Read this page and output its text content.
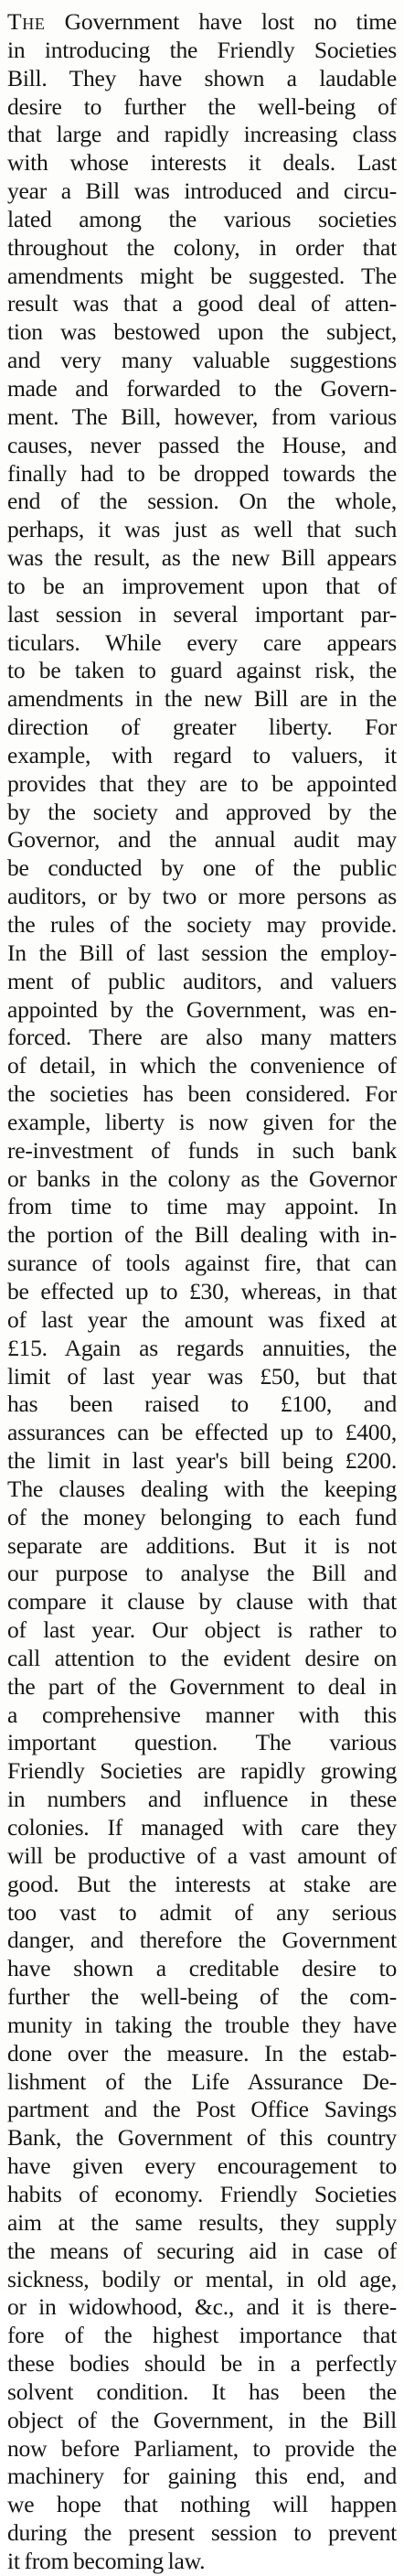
The Government have lost no time
in introducing the Friendly Societies
Bill. They have shown a laudable
desire to further the well-being of
that large and rapidly increasing class
with whose interests it deals. Last
year a Bill was introduced and circu-
lated among the various societies
throughout the colony, in order that
amendments might be suggested. The
result was that a good deal of atten-
tion was bestowed upon the subject,
and very many valuable suggestions
made and forwarded to the Govern-
ment. The Bill, however, from various
causes, never passed the House, and
finally had to be dropped towards the
end of the session. On the whole,
perhaps, it was just as well that such
was the result, as the new Bill appears
to be an improvement upon that of
last session in several important par-
ticulars. While every care appears
to be taken to guard against risk, the
amendments in the new Bill are in the
direction of greater liberty. For
example, with regard to valuers, it
provides that they are to be appointed
by the society and approved by the
Governor, and the annual audit may
be conducted by one of the public
auditors, or by two or more persons as
the rules of the society may provide.
In the Bill of last session the employ-
ment of public auditors, and valuers
appointed by the Government, was en-
forced. There are also many matters
of detail, in which the convenience of
the societies has been considered. For
example, liberty is now given for the
re-investment of funds in such bank
or banks in the colony as the Governor
from time to time may appoint. In
the portion of the Bill dealing with in-
surance of tools against fire, that can
be effected up to £30, whereas, in that
of last year the amount was fixed at
£15. Again as regards annuities, the
limit of last year was £50, but that
has been raised to £100, and
assurances can be effected up to £400,
the limit in last year's bill being £200.
The clauses dealing with the keeping
of the money belonging to each fund
separate are additions. But it is not
our purpose to analyse the Bill and
compare it clause by clause with that
of last year. Our object is rather to
call attention to the evident desire on
the part of the Government to deal in
a comprehensive manner with this
important question. The various
Friendly Societies are rapidly growing
in numbers and influence in these
colonies. If managed with care they
will be productive of a vast amount of
good. But the interests at stake are
too vast to admit of any serious
danger, and therefore the Government
have shown a creditable desire to
further the well-being of the com-
munity in taking the trouble they have
done over the measure. In the estab-
lishment of the Life Assurance De-
partment and the Post Office Savings
Bank, the Government of this country
have given every encouragement to
habits of economy. Friendly Societies
aim at the same results, they supply
the means of securing aid in case of
sickness, bodily or mental, in old age,
or in widowhood, &c., and it is there-
fore of the highest importance that
these bodies should be in a perfectly
solvent condition. It has been the
object of the Government, in the Bill
now before Parliament, to provide the
machinery for gaining this end, and
we hope that nothing will happen
during the present session to prevent
it from becoming law.
